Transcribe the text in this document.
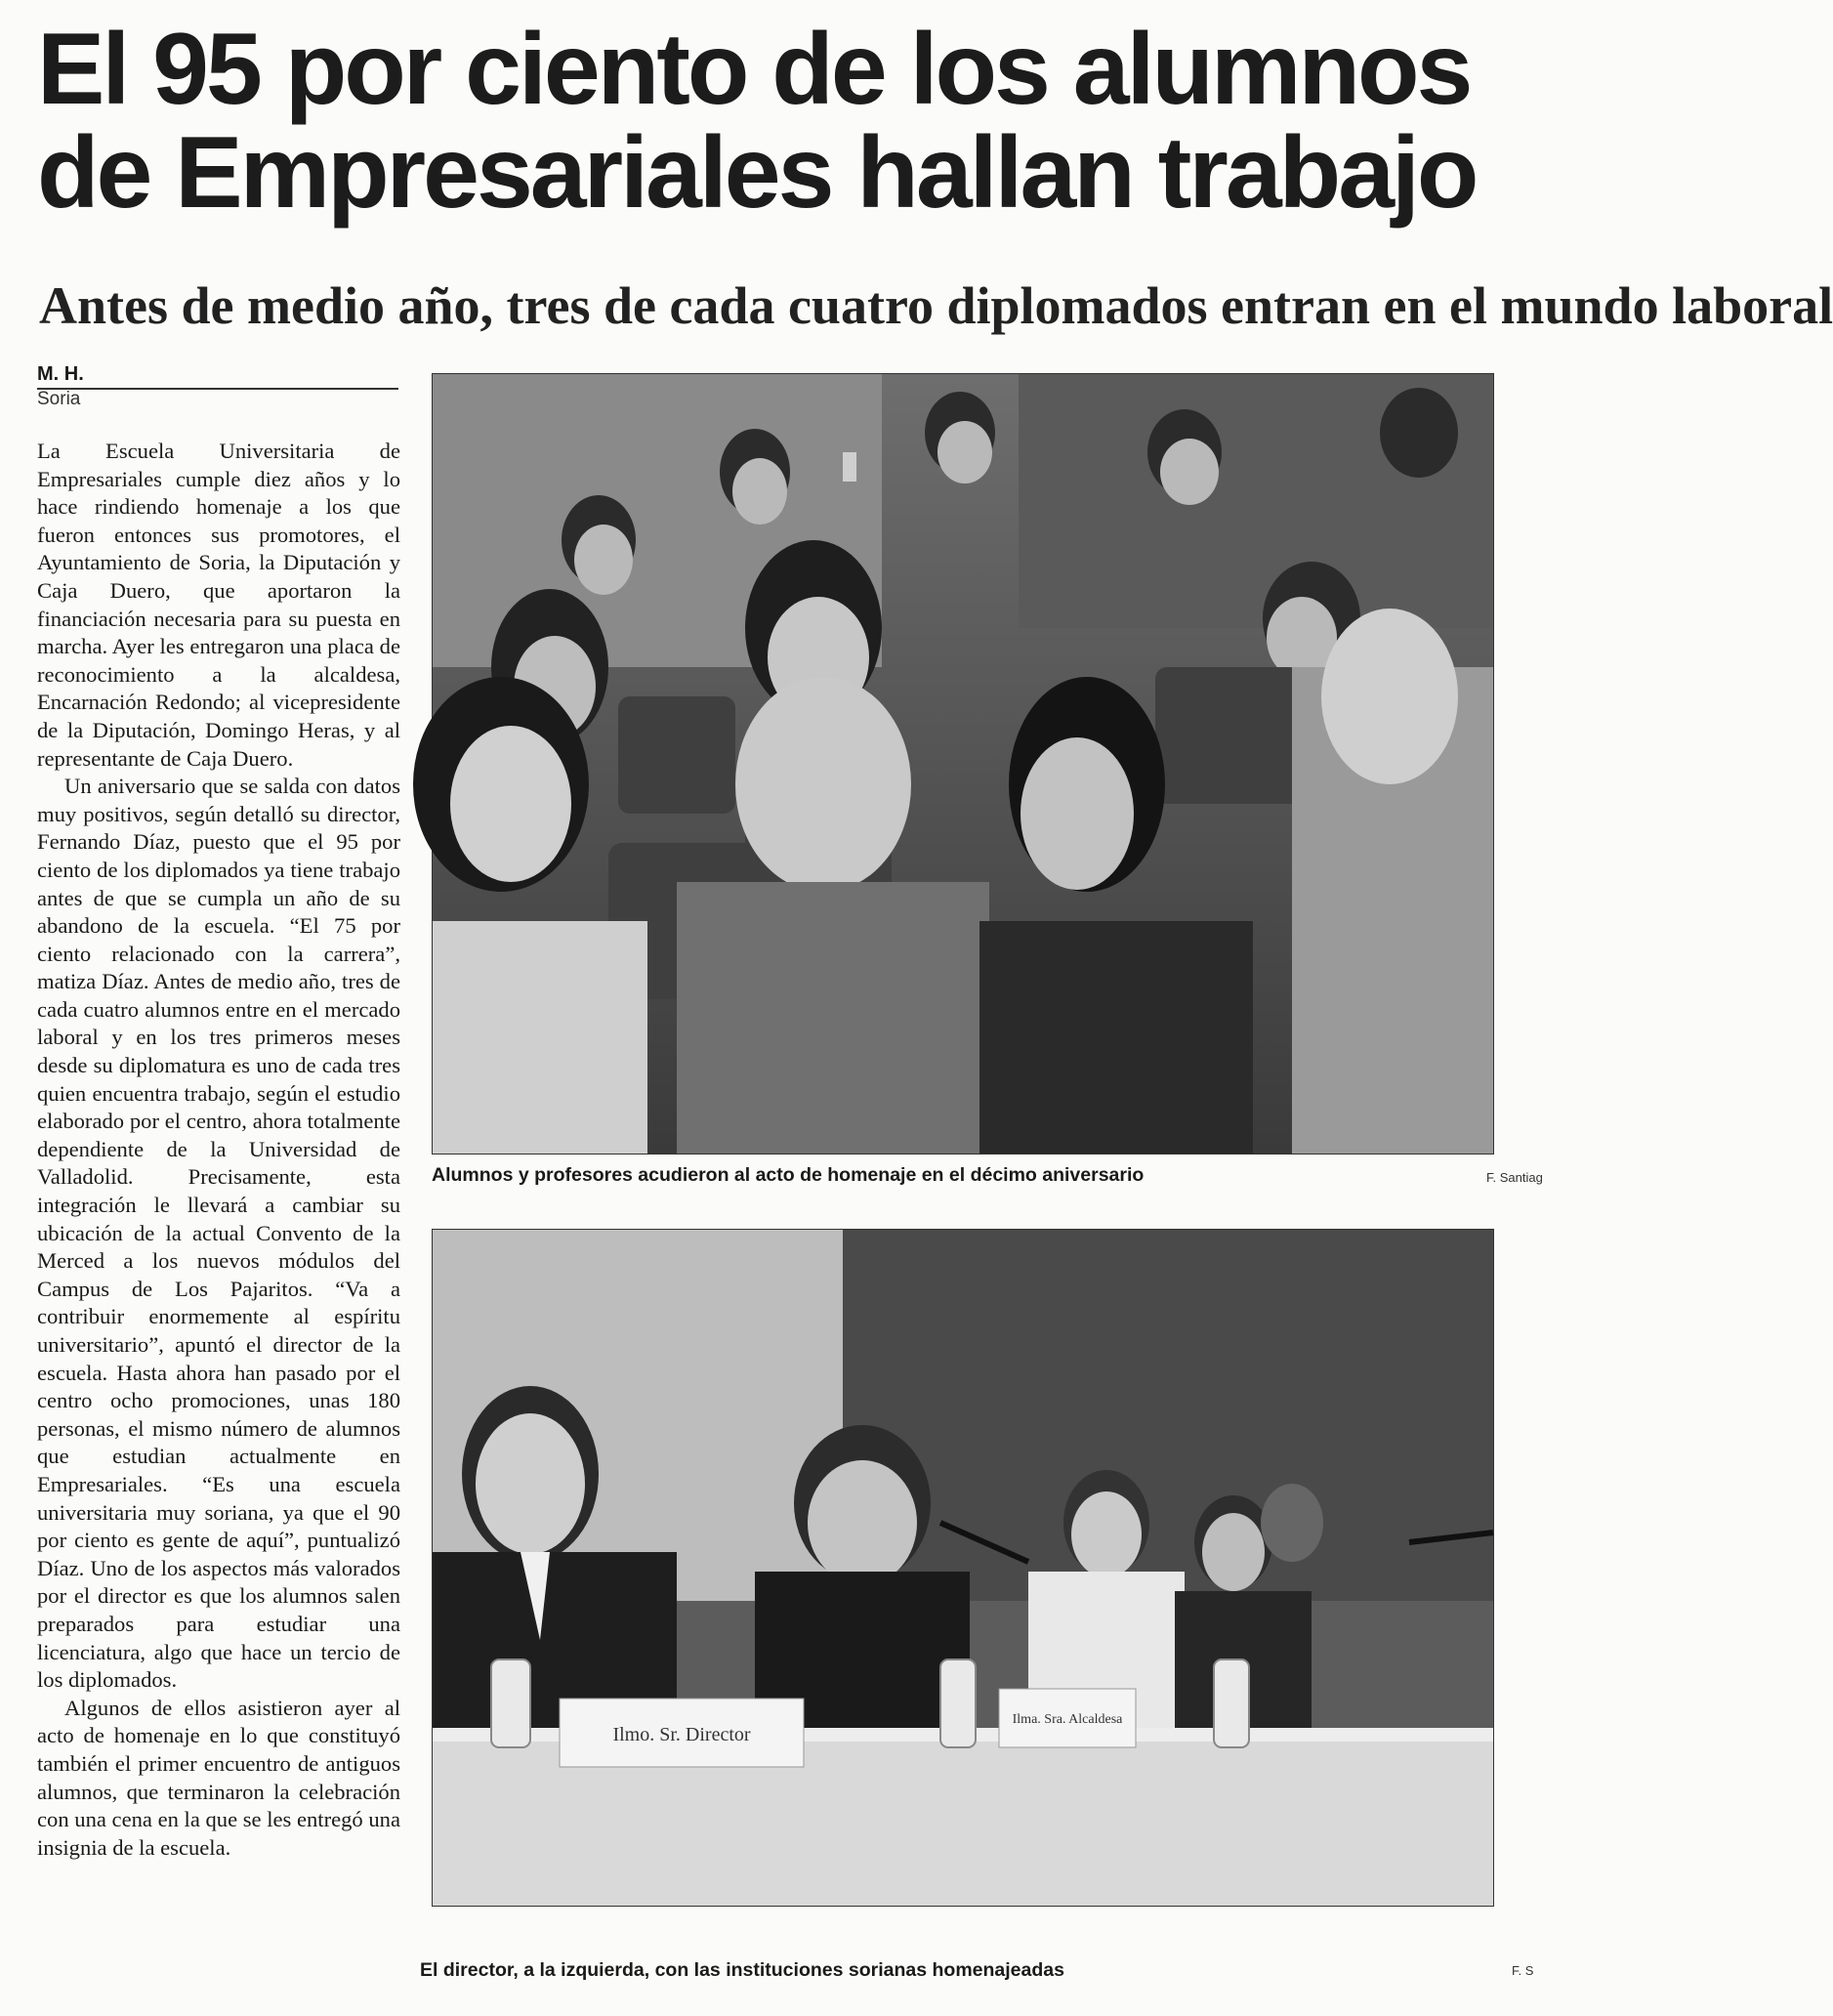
El 95 por ciento de los alumnos
de Empresariales hallan trabajo
Antes de medio año, tres de cada cuatro diplomados entran en el mundo laboral
M. H.
Soria

La Escuela Universitaria de Empresariales cumple diez años y lo hace rindiendo homenaje a los que fueron entonces sus promotores, el Ayuntamiento de Soria, la Diputación y Caja Duero, que aportaron la financiación necesaria para su puesta en marcha. Ayer les entregaron una placa de reconocimiento a la alcaldesa, Encarnación Redondo; al vicepresidente de la Diputación, Domingo Heras, y al representante de Caja Duero.

Un aniversario que se salda con datos muy positivos, según detalló su director, Fernando Díaz, puesto que el 95 por ciento de los diplomados ya tiene trabajo antes de que se cumpla un año de su abandono de la escuela. “El 75 por ciento relacionado con la carrera”, matiza Díaz. Antes de medio año, tres de cada cuatro alumnos entre en el mercado laboral y en los tres primeros meses desde su diplomatura es uno de cada tres quien encuentra trabajo, según el estudio elaborado por el centro, ahora totalmente dependiente de la Universidad de Valladolid. Precisamente, esta integración le llevará a cambiar su ubicación de la actual Convento de la Merced a los nuevos módulos del Campus de Los Pajaritos. “Va a contribuir enormemente al espíritu universitario”, apuntó el director de la escuela. Hasta ahora han pasado por el centro ocho promociones, unas 180 personas, el mismo número de alumnos que estudian actualmente en Empresariales. “Es una escuela universitaria muy soriana, ya que el 90 por ciento es gente de aquí”, puntualizó Díaz. Uno de los aspectos más valorados por el director es que los alumnos salen preparados para estudiar una licenciatura, algo que hace un tercio de los diplomados.

Algunos de ellos asistieron ayer al acto de homenaje en lo que constituyó también el primer encuentro de antiguos alumnos, que terminaron la celebración con una cena en la que se les entregó una insignia de la escuela.

Alumnos y profesores acudieron al acto de homenaje en el décimo aniversario	F. Santiag
Ilmo. Sr. Director
Ilma. Sra. Alcaldesa
El director, a la izquierda, con las instituciones sorianas homenajeadas	F. S
